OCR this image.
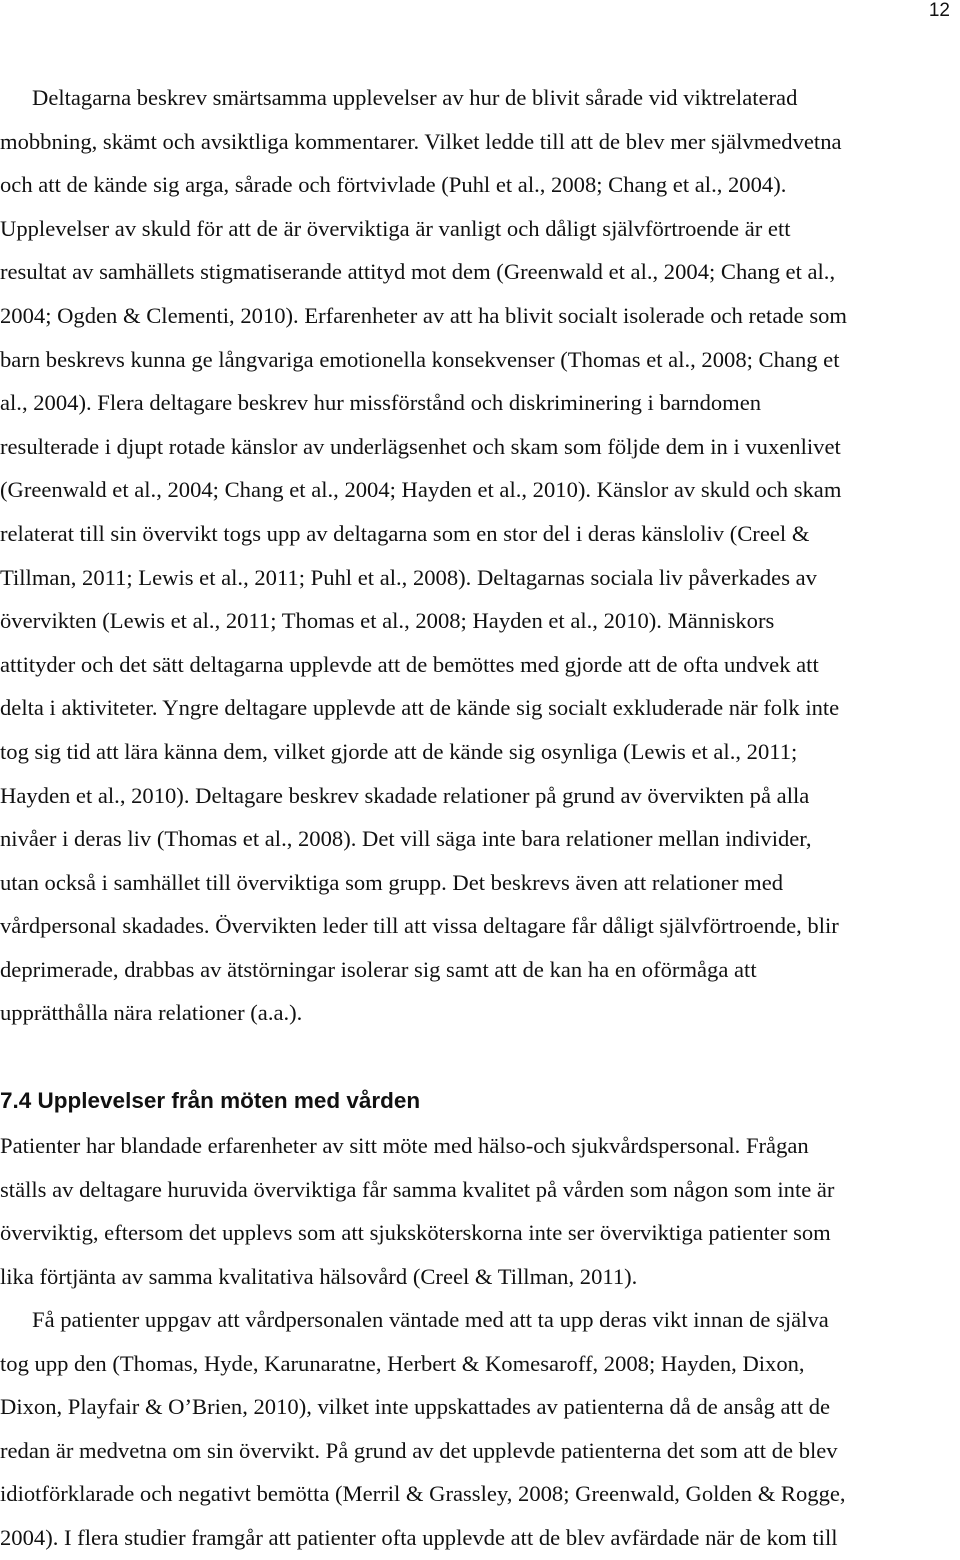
12
Deltagarna beskrev smärtsamma upplevelser av hur de blivit sårade vid viktrelaterad
mobbning, skämt och avsiktliga kommentarer. Vilket ledde till att de blev mer självmedvetna
och att de kände sig arga, sårade och förtvivlade (Puhl et al., 2008; Chang et al., 2004).
Upplevelser av skuld för att de är överviktiga är vanligt och dåligt självförtroende är ett
resultat av samhällets stigmatiserande attityd mot dem (Greenwald et al., 2004; Chang et al.,
2004; Ogden & Clementi, 2010). Erfarenheter av att ha blivit socialt isolerade och retade som
barn beskrevs kunna ge långvariga emotionella konsekvenser (Thomas et al., 2008; Chang et
al., 2004). Flera deltagare beskrev hur missförstånd och diskriminering i barndomen
resulterade i djupt rotade känslor av underlägsenhet och skam som följde dem in i vuxenlivet
(Greenwald et al., 2004; Chang et al., 2004; Hayden et al., 2010). Känslor av skuld och skam
relaterat till sin övervikt togs upp av deltagarna som en stor del i deras känsloliv (Creel &
Tillman, 2011; Lewis et al., 2011; Puhl et al., 2008). Deltagarnas sociala liv påverkades av
övervikten (Lewis et al., 2011; Thomas et al., 2008; Hayden et al., 2010). Människors
attityder och det sätt deltagarna upplevde att de bemöttes med gjorde att de ofta undvek att
delta i aktiviteter. Yngre deltagare upplevde att de kände sig socialt exkluderade när folk inte
tog sig tid att lära känna dem, vilket gjorde att de kände sig osynliga (Lewis et al., 2011;
Hayden et al., 2010). Deltagare beskrev skadade relationer på grund av övervikten på alla
nivåer i deras liv (Thomas et al., 2008). Det vill säga inte bara relationer mellan individer,
utan också i samhället till överviktiga som grupp. Det beskrevs även att relationer med
vårdpersonal skadades. Övervikten leder till att vissa deltagare får dåligt självförtroende, blir
deprimerade, drabbas av ätstörningar isolerar sig samt att de kan ha en oförmåga att
upprätthålla nära relationer (a.a.).
7.4 Upplevelser från möten med vården
Patienter har blandade erfarenheter av sitt möte med hälso-och sjukvårdspersonal. Frågan
ställs av deltagare huruvida överviktiga får samma kvalitet på vården som någon som inte är
överviktig, eftersom det upplevs som att sjuksköterskorna inte ser överviktiga patienter som
lika förtjänta av samma kvalitativa hälsovård (Creel & Tillman, 2011).
Få patienter uppgav att vårdpersonalen väntade med att ta upp deras vikt innan de själva
tog upp den (Thomas, Hyde, Karunaratne, Herbert & Komesaroff, 2008; Hayden, Dixon,
Dixon, Playfair & O’Brien, 2010), vilket inte uppskattades av patienterna då de ansåg att de
redan är medvetna om sin övervikt. På grund av det upplevde patienterna det som att de blev
idiotförklarade och negativt bemötta (Merril & Grassley, 2008; Greenwald, Golden & Rogge,
2004). I flera studier framgår att patienter ofta upplevde att de blev avfärdade när de kom till
